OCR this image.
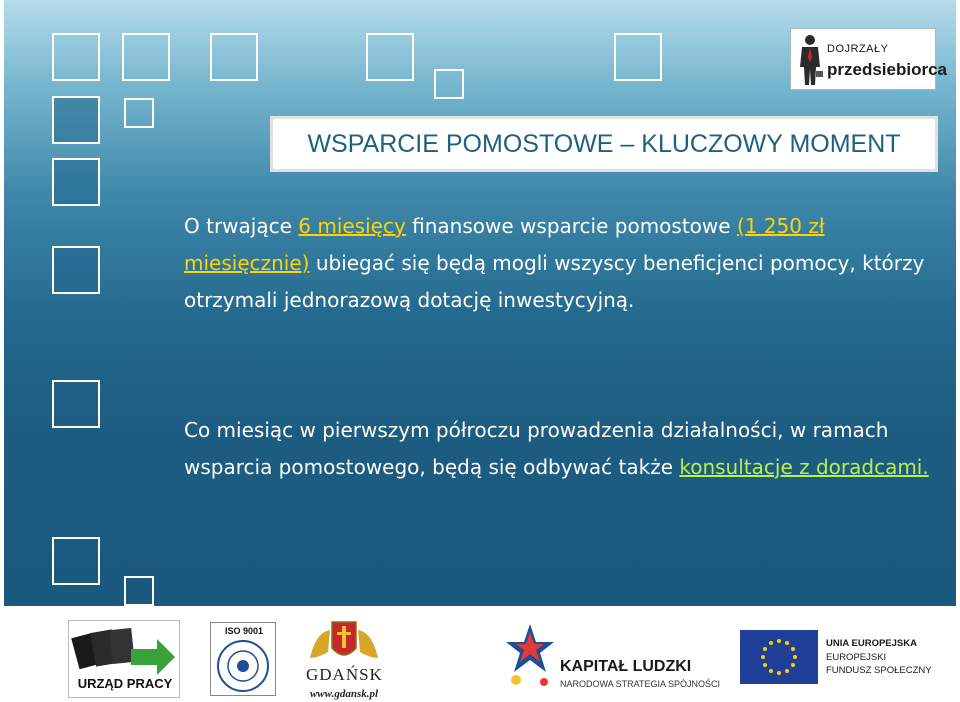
DOJRZAŁY
przedsiebiorca
WSPARCIE POMOSTOWE – KLUCZOWY MOMENT
O trwające 6 miesięcy finansowe wsparcie pomostowe (1 250 zł miesięcznie) ubiegać się będą mogli wszyscy beneficjenci pomocy, którzy otrzymali jednorazową dotację inwestycyjną.
Co miesiąc w pierwszym półroczu prowadzenia działalności, w ramach wsparcia pomostowego, będą się odbywać także konsultacje z doradcami.
URZĄD PRACY
ISO 9001
GDAŃSK
www.gdansk.pl
KAPITAŁ LUDZKI
NARODOWA STRATEGIA SPÓJNOŚCI
UNIA EUROPEJSKA
EUROPEJSKI
FUNDUSZ SPOŁECZNY
